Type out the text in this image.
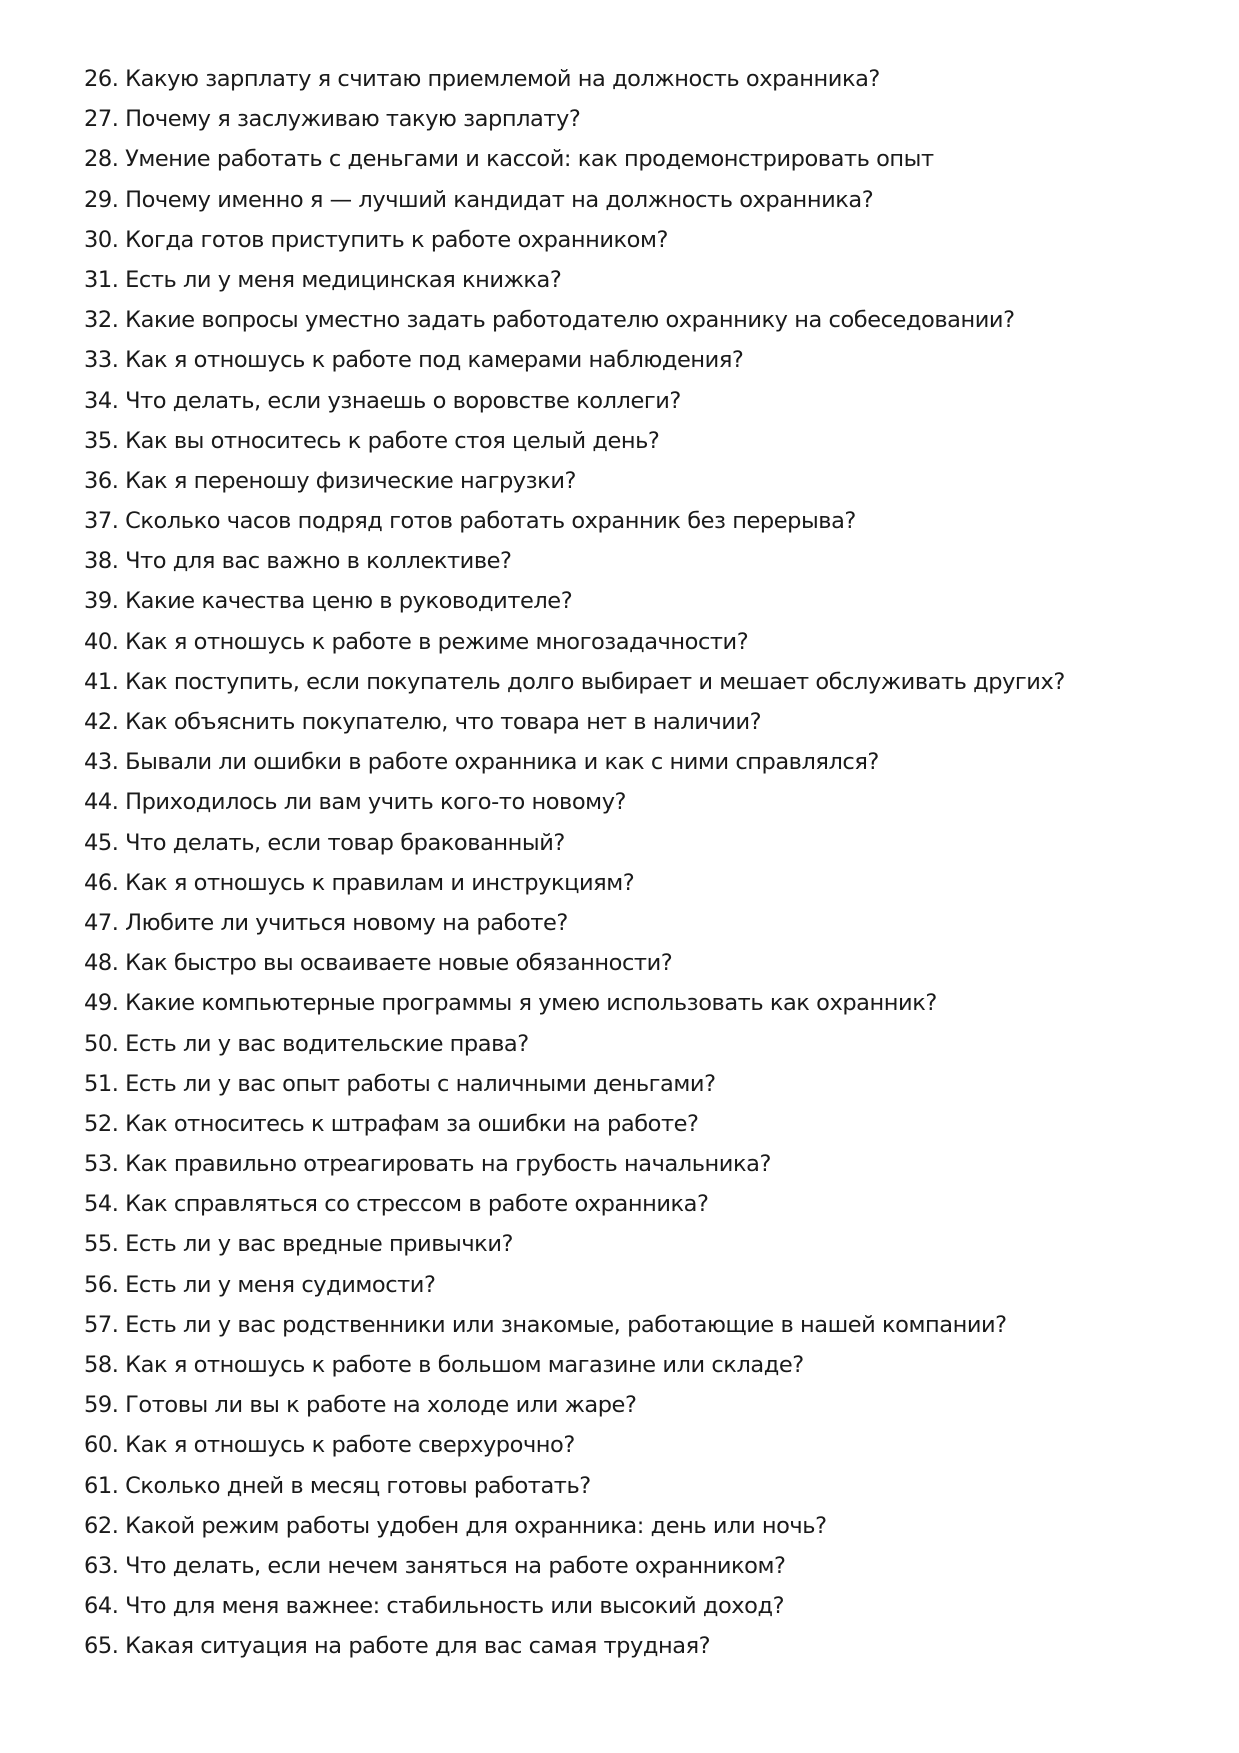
26. Какую зарплату я считаю приемлемой на должность охранника?
27. Почему я заслуживаю такую зарплату?
28. Умение работать с деньгами и кассой: как продемонстрировать опыт
29. Почему именно я — лучший кандидат на должность охранника?
30. Когда готов приступить к работе охранником?
31. Есть ли у меня медицинская книжка?
32. Какие вопросы уместно задать работодателю охраннику на собеседовании?
33. Как я отношусь к работе под камерами наблюдения?
34. Что делать, если узнаешь о воровстве коллеги?
35. Как вы относитесь к работе стоя целый день?
36. Как я переношу физические нагрузки?
37. Сколько часов подряд готов работать охранник без перерыва?
38. Что для вас важно в коллективе?
39. Какие качества ценю в руководителе?
40. Как я отношусь к работе в режиме многозадачности?
41. Как поступить, если покупатель долго выбирает и мешает обслуживать других?
42. Как объяснить покупателю, что товара нет в наличии?
43. Бывали ли ошибки в работе охранника и как с ними справлялся?
44. Приходилось ли вам учить кого-то новому?
45. Что делать, если товар бракованный?
46. Как я отношусь к правилам и инструкциям?
47. Любите ли учиться новому на работе?
48. Как быстро вы осваиваете новые обязанности?
49. Какие компьютерные программы я умею использовать как охранник?
50. Есть ли у вас водительские права?
51. Есть ли у вас опыт работы с наличными деньгами?
52. Как относитесь к штрафам за ошибки на работе?
53. Как правильно отреагировать на грубость начальника?
54. Как справляться со стрессом в работе охранника?
55. Есть ли у вас вредные привычки?
56. Есть ли у меня судимости?
57. Есть ли у вас родственники или знакомые, работающие в нашей компании?
58. Как я отношусь к работе в большом магазине или складе?
59. Готовы ли вы к работе на холоде или жаре?
60. Как я отношусь к работе сверхурочно?
61. Сколько дней в месяц готовы работать?
62. Какой режим работы удобен для охранника: день или ночь?
63. Что делать, если нечем заняться на работе охранником?
64. Что для меня важнее: стабильность или высокий доход?
65. Какая ситуация на работе для вас самая трудная?
